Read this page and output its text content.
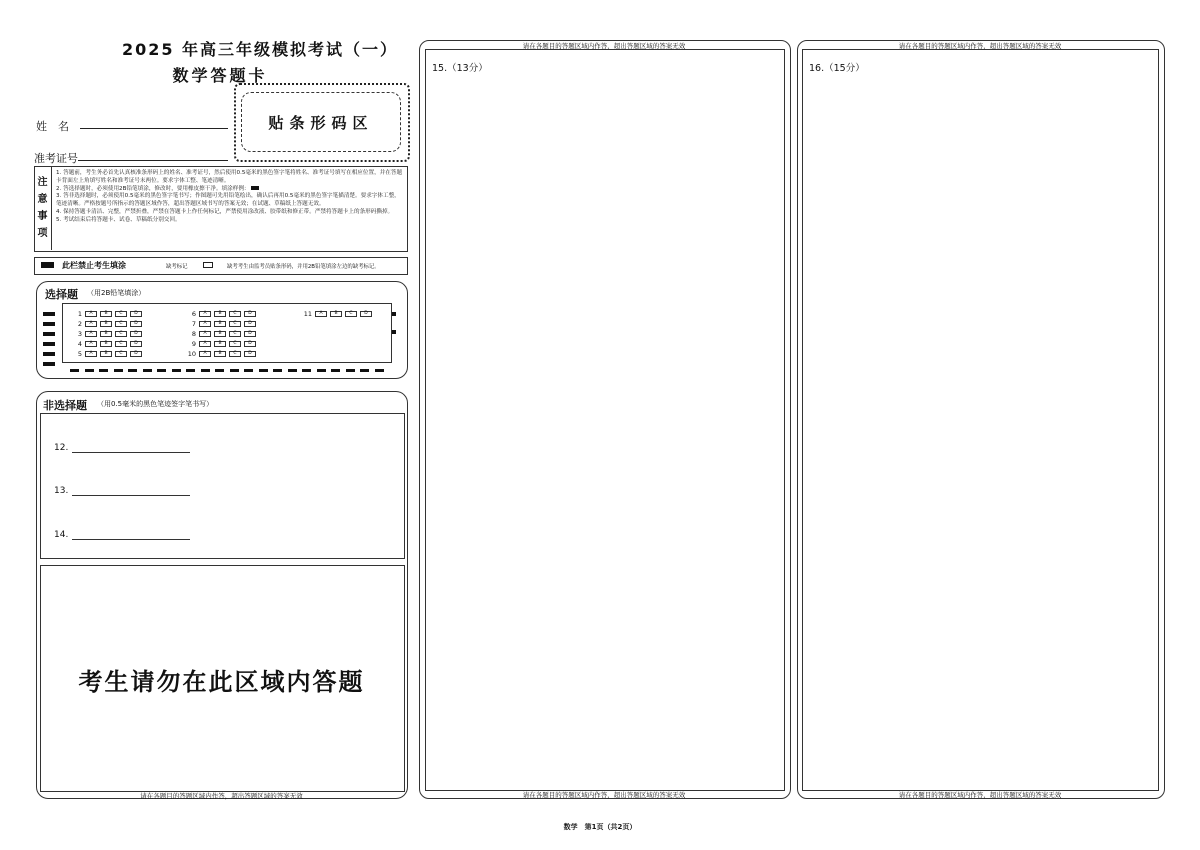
2025 年高三年级模拟考试（一）
数学答题卡
姓　名
准考证号
贴条形码区
注
意
事
项
1. 答题前，考生务必首先认真核准条形码上的姓名、准考证号，然后使用0.5毫米的黑色签字笔将姓名、准考证号填写在相应位置，并在答题卡背面左上角填写姓名和准考证号末两位。要求字体工整、笔迹清晰。
2. 答选择题时，必须使用2B铅笔填涂，修改时，要用橡皮擦干净。填涂样例：
3. 答非选择题时，必须使用0.5毫米的黑色签字笔书写；作图题可先用铅笔绘出，确认后再用0.5毫米的黑色签字笔描清楚。要求字体工整，笔迹清晰。严格按题号所指示的答题区域作答，超出答题区域书写的答案无效；在试题、草稿纸上答题无效。
4. 保持答题卡清洁、完整，严禁折叠，严禁在答题卡上作任何标记，严禁使用涂改液、胶带纸和修正带。严禁将答题卡上的条形码撕掉。
5. 考试结束后将答题卡、试卷、草稿纸分别交回。
此栏禁止考生填涂	缺考标记	缺考考生由监考员贴条形码，并用2B铅笔填涂左边的缺考标记。
选择题 （用2B铅笔填涂）
1	A	B	C	D
2	A	B	C	D
3	A	B	C	D
4	A	B	C	D
5	A	B	C	D
6	A	B	C	D
7	A	B	C	D
8	A	B	C	D
9	A	B	C	D
10	A	B	C	D
11	A	B	C	D
非选择题 （用0.5毫米的黑色笔迹签字笔书写）
12.
13.
14.
考生请勿在此区域内答题
请在各题目的答题区域内作答，超出答题区域的答案无效
请在各题目的答题区域内作答，超出答题区域的答案无效
15.（13分）
请在各题目的答题区域内作答，超出答题区域的答案无效
请在各题目的答题区域内作答，超出答题区域的答案无效
16.（15分）
请在各题目的答题区域内作答，超出答题区域的答案无效
数学　第1页（共2页）
